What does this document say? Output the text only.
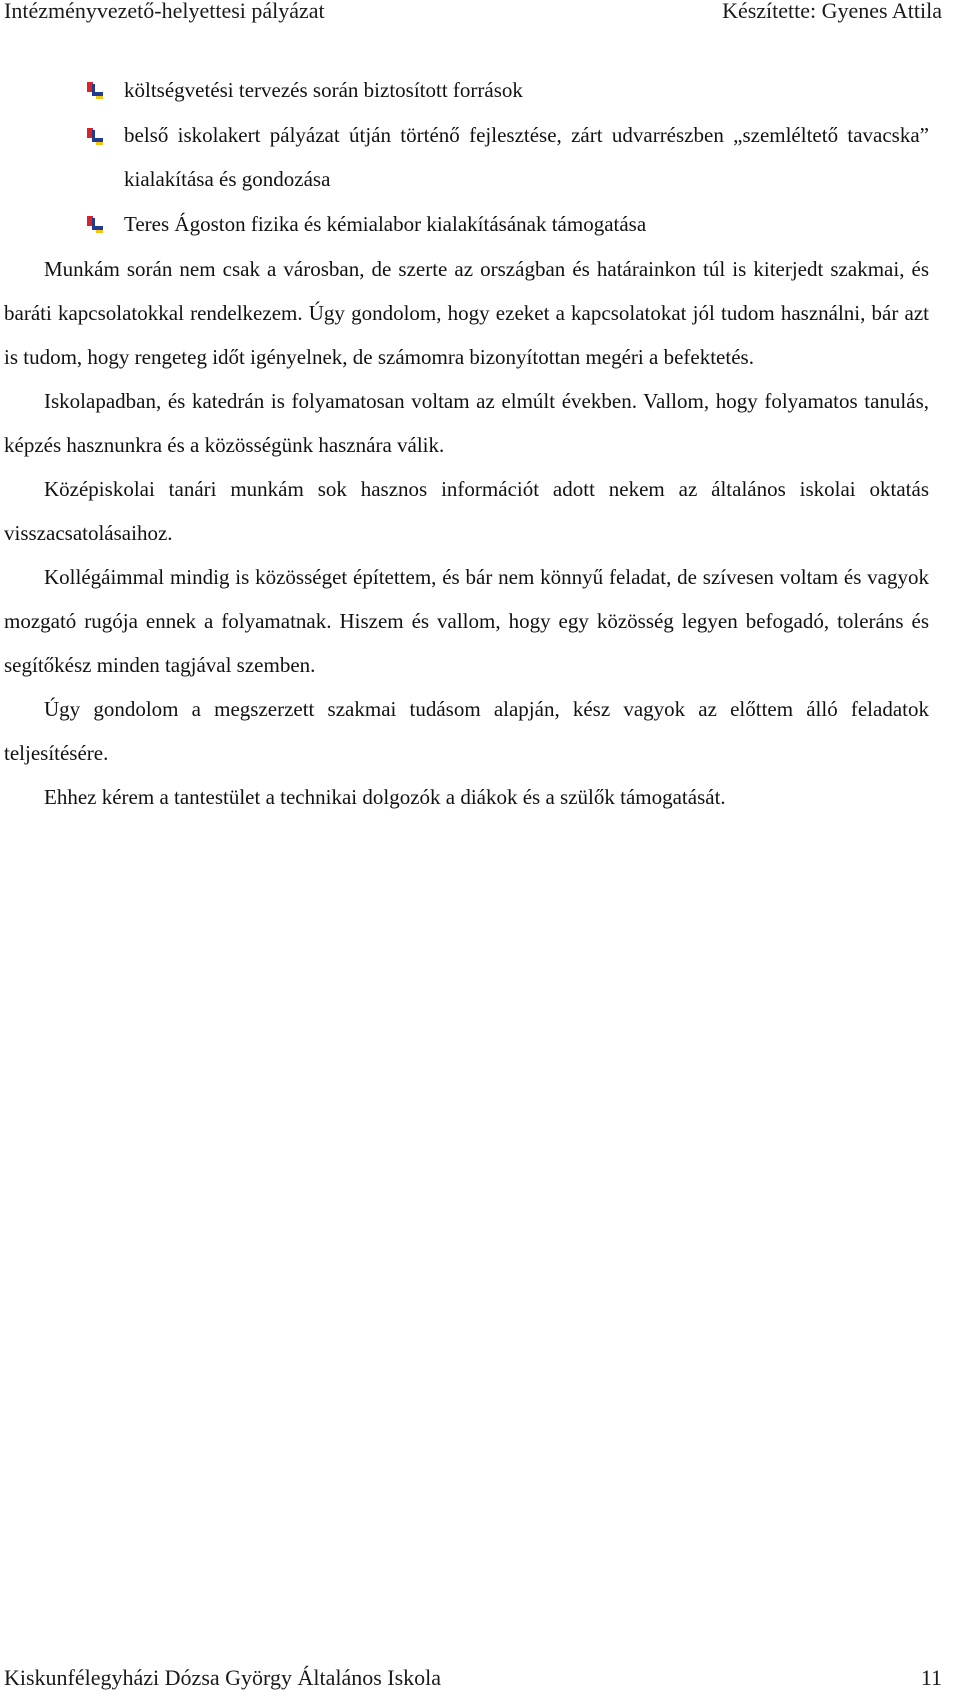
Intézményvezető-helyettesi pályázat	Készítette: Gyenes Attila
költségvetési tervezés során biztosított források
belső iskolakert pályázat útján történő fejlesztése, zárt udvarrészben „szemléltető tavacska” kialakítása és gondozása
Teres Ágoston fizika és kémialabor kialakításának támogatása

Munkám során nem csak a városban, de szerte az országban és határainkon túl is kiterjedt szakmai, és baráti kapcsolatokkal rendelkezem. Úgy gondolom, hogy ezeket a kapcsolatokat jól tudom használni, bár azt is tudom, hogy rengeteg időt igényelnek, de számomra bizonyítottan megéri a befektetés.

Iskolapadban, és katedrán is folyamatosan voltam az elmúlt években. Vallom, hogy folyamatos tanulás, képzés hasznunkra és a közösségünk hasznára válik.

Középiskolai tanári munkám sok hasznos információt adott nekem az általános iskolai oktatás visszacsatolásaihoz.

Kollégáimmal mindig is közösséget építettem, és bár nem könnyű feladat, de szívesen voltam és vagyok mozgató rugója ennek a folyamatnak. Hiszem és vallom, hogy egy közösség legyen befogadó, toleráns és segítőkész minden tagjával szemben.

Úgy gondolom a megszerzett szakmai tudásom alapján, kész vagyok az előttem álló feladatok teljesítésére.

Ehhez kérem a tantestület a technikai dolgozók a diákok és a szülők támogatását.

Kiskunfélegyházi Dózsa György Általános Iskola	11
